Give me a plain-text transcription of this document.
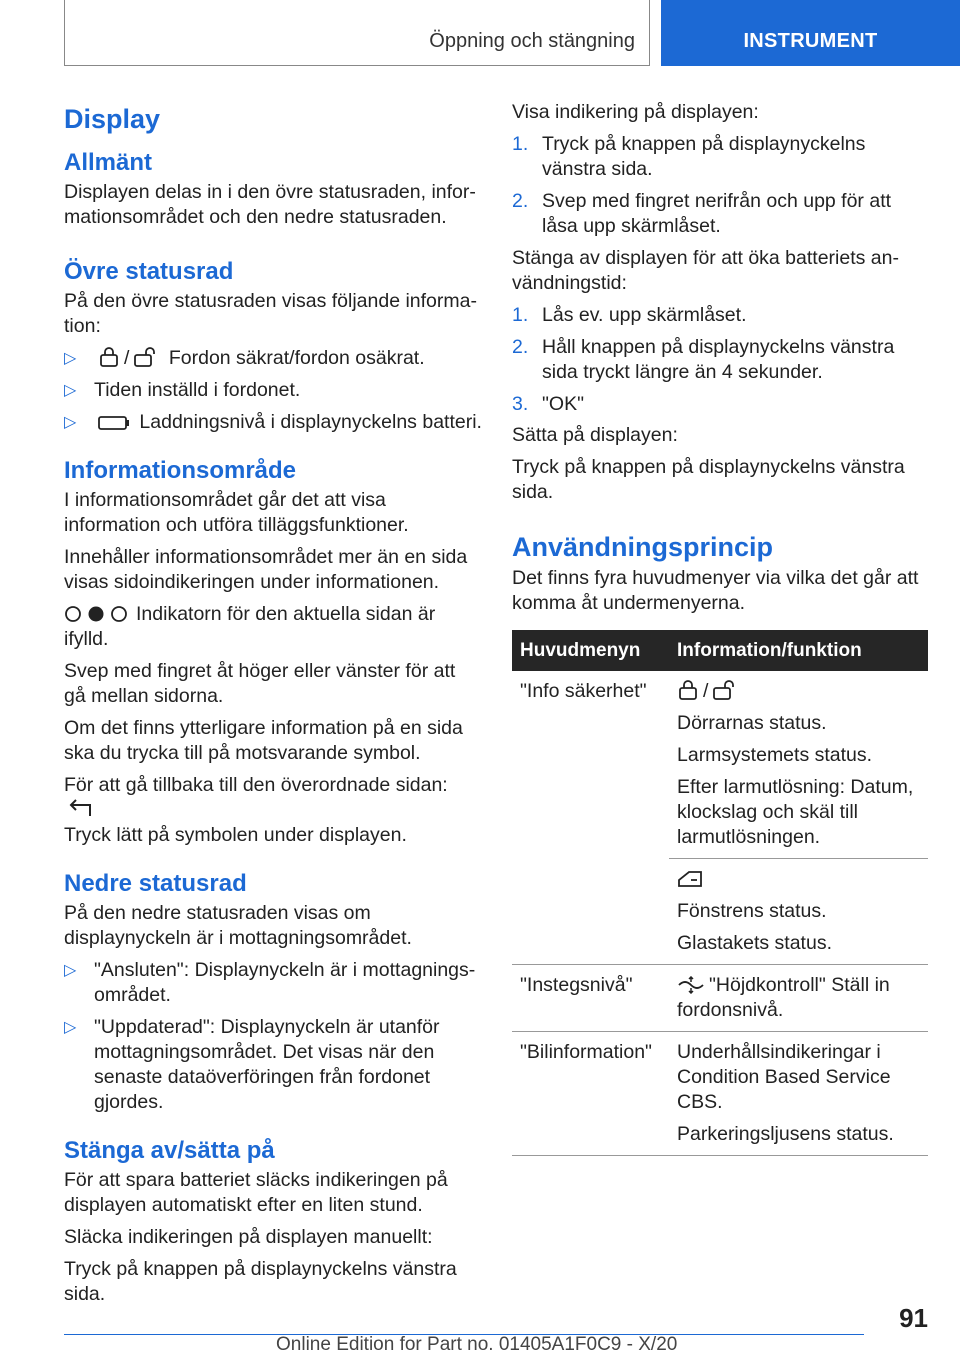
Öppning och stängning	INSTRUMENT
Display
Allmänt

Displayen delas in i den övre statusraden, informationsområdet och den nedre statusraden.

Övre statusrad

På den övre statusraden visas följande information:

▷ / Fordon säkrat/fordon osäkrat.
▷ Tiden inställd i fordonet.
▷	Laddningsnivå i displaynyckelns batteri.
Informationsområde

I informationsområdet går det att visa information och utföra tilläggsfunktioner.

Innehåller informationsområdet mer än en sida visas sidoindikeringen under informationen.

Indikatorn för den aktuella sidan är ifylld.

Svep med fingret åt höger eller vänster för att gå mellan sidorna.

Om det finns ytterligare information på en sida ska du trycka till på motsvarande symbol.

För att gå tillbaka till den överordnade sidan:
Tryck lätt på symbolen under displayen.

Nedre statusrad

På den nedre statusraden visas om displaynyckeln är i mottagningsområdet.

▷ "Ansluten": Displaynyckeln är i mottagningsområdet.
▷ "Uppdaterad": Displaynyckeln är utanför mottagningsområdet. Det visas när den senaste dataöverföringen från fordonet gjordes.
Stänga av/sätta på

För att spara batteriet släcks indikeringen på displayen automatiskt efter en liten stund.

Släcka indikeringen på displayen manuellt:

Tryck på knappen på displaynyckelns vänstra sida.

Visa indikering på displayen:

1. Tryck på knappen på displaynyckelns vänstra sida.
2. Svep med fingret nerifrån och upp för att låsa upp skärmlåset.

Stänga av displayen för att öka batteriets användningstid:

1. Lås ev. upp skärmlåset.
2. Håll knappen på displaynyckelns vänstra sida tryckt längre än 4 sekunder.
3. "OK"

Sätta på displayen:

Tryck på knappen på displaynyckelns vänstra sida.

Användningsprincip

Det finns fyra huvudmenyer via vilka det går att komma åt undermenyerna.

Huvudmenyn	Information/funktion
"Info säkerhet"	/

Dörrarnas status.

Larmsystemets status.

Efter larmutlösning: Datum, klockslag och skäl till larmutlösningen.

	Fönstrens status.

Glastakets status.

"Instegsnivå"	"Höjdkontroll" Ställ in fordonsnivå.

"Bilinformation"	Underhållsindikeringar i Condition Based Service CBS.

Parkeringsljusens status.

91
Online Edition for Part no. 01405A1F0C9 - X/20
